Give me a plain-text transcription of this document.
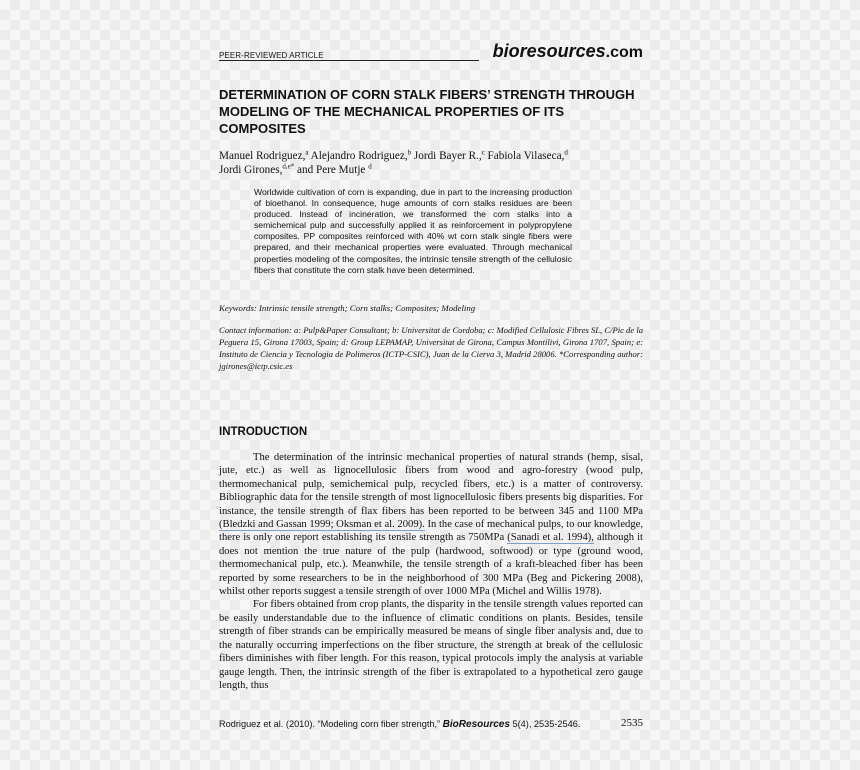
PEER-REVIEWED ARTICLE	bioresources.com
DETERMINATION OF CORN STALK FIBERS’ STRENGTH THROUGH MODELING OF THE MECHANICAL PROPERTIES OF ITS COMPOSITES
Manuel Rodriguez,$^a$ Alejandro Rodriguez,$^b$ Jordi Bayer R.,$^c$ Fabiola Vilaseca,$^d$
Jordi Girones,$^{d,e*}$ and Pere Mutje $^d$
Worldwide cultivation of corn is expanding, due in part to the increasing production of bioethanol. In consequence, huge amounts of corn stalks residues are been produced. Instead of incineration, we transformed the corn stalks into a semichemical pulp and successfully applied it as reinforcement in polypropylene composites. PP composites reinforced with 40% wt corn stalk single fibers were prepared, and their mechanical properties were evaluated. Through mechanical properties modeling of the composites, the intrinsic tensile strength of the cellulosic fibers that constitute the corn stalk have been determined.
Keywords: Intrinsic tensile strength; Corn stalks; Composites; Modeling
Contact information: a: Pulp&Paper Consultant; b: Universitat de Cordoba; c: Modified Cellulosic Fibres SL, C/Pic de la Peguera 15, Girona 17003, Spain; d: Group LEPAMAP, Universitat de Girona, Campus Montilivi, Girona 1707, Spain; e: Instituto de Ciencia y Tecnologia de Polimeros (ICTP-CSIC), Juan de la Cierva 3, Madrid 28006. *Corresponding author: jgirones@ictp.csic.es
INTRODUCTION

The determination of the intrinsic mechanical properties of natural strands (hemp, sisal, jute, etc.) as well as lignocellulosic fibers from wood and agro-forestry (wood pulp, thermomechanical pulp, semichemical pulp, recycled fibers, etc.) is a matter of controversy. Bibliographic data for the tensile strength of most lignocellulosic fibers presents big disparities. For instance, the tensile strength of flax fibers has been reported to be between 345 and 1100 MPa (Bledzki and Gassan 1999; Oksman et al. 2009). In the case of mechanical pulps, to our knowledge, there is only one report establishing its tensile strength as 750MPa (Sanadi et al. 1994), although it does not mention the true nature of the pulp (hardwood, softwood) or type (ground wood, thermomechanical pulp, etc.). Meanwhile, the tensile strength of a kraft-bleached fiber has been reported by some researchers to be in the neighborhood of 300 MPa (Beg and Pickering 2008), whilst other reports suggest a tensile strength of over 1000 MPa (Michel and Willis 1978).

For fibers obtained from crop plants, the disparity in the tensile strength values reported can be easily understandable due to the influence of climatic conditions on plants. Besides, tensile strength of fiber strands can be empirically measured be means of single fiber analysis and, due to the naturally occurring imperfections on the fiber structure, the strength at break of the cellulosic fibers diminishes with fiber length. For this reason, typical protocols imply the analysis at variable gauge length. Then, the intrinsic strength of the fiber is extrapolated to a hypothetical zero gauge length, thus

Rodriguez et al. (2010). “Modeling corn fiber strength,” BioResources 5(4), 2535-2546.	2535
